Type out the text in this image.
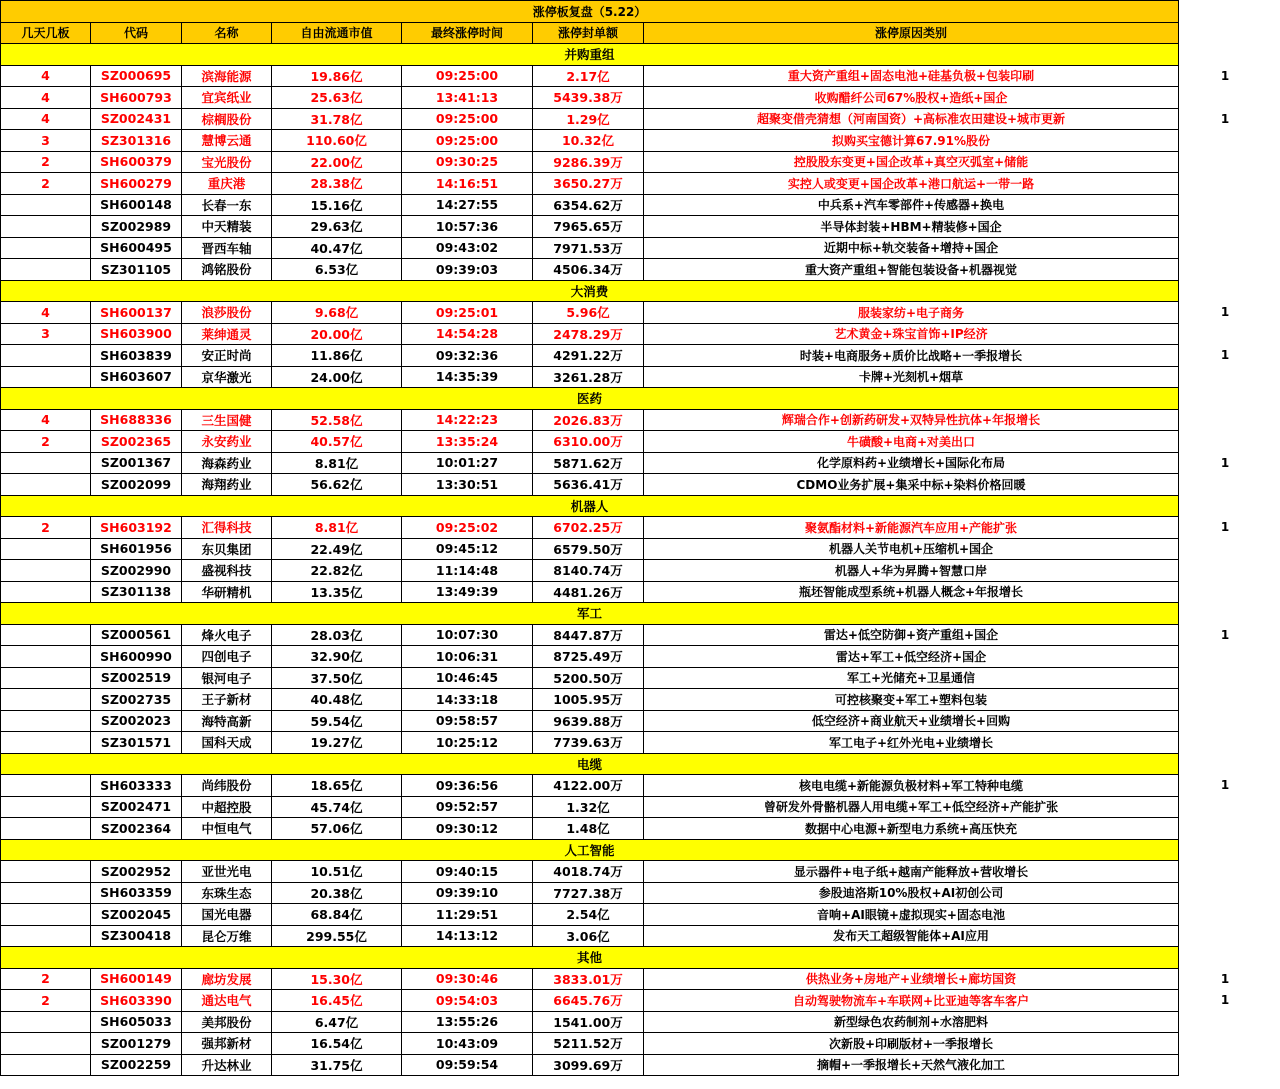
涨停板复盘（5.22）						
几天几板	代码	名称	自由流通市值	最终涨停时间	涨停封单额	涨停原因类别
并购重组						
4	SZ000695	滨海能源	19.86亿	09:25:00	2.17亿	重大资产重组+固态电池+硅基负极+包装印刷
4	SH600793	宜宾纸业	25.63亿	13:41:13	5439.38万	收购醋纤公司67%股权+造纸+国企
4	SZ002431	棕榈股份	31.78亿	09:25:00	1.29亿	超聚变借壳猜想（河南国资）+高标准农田建设+城市更新
3	SZ301316	慧博云通	110.60亿	09:25:00	10.32亿	拟购买宝德计算67.91%股份
2	SH600379	宝光股份	22.00亿	09:30:25	9286.39万	控股股东变更+国企改革+真空灭弧室+储能
2	SH600279	重庆港	28.38亿	14:16:51	3650.27万	实控人或变更+国企改革+港口航运+一带一路
	SH600148	长春一东	15.16亿	14:27:55	6354.62万	中兵系+汽车零部件+传感器+换电
	SZ002989	中天精装	29.63亿	10:57:36	7965.65万	半导体封装+HBM+精装修+国企
	SH600495	晋西车轴	40.47亿	09:43:02	7971.53万	近期中标+轨交装备+增持+国企
	SZ301105	鸿铭股份	6.53亿	09:39:03	4506.34万	重大资产重组+智能包装设备+机器视觉
大消费						
4	SH600137	浪莎股份	9.68亿	09:25:01	5.96亿	服装家纺+电子商务
3	SH603900	莱绅通灵	20.00亿	14:54:28	2478.29万	艺术黄金+珠宝首饰+IP经济
	SH603839	安正时尚	11.86亿	09:32:36	4291.22万	时装+电商服务+质价比战略+一季报增长
	SH603607	京华激光	24.00亿	14:35:39	3261.28万	卡牌+光刻机+烟草
医药						
4	SH688336	三生国健	52.58亿	14:22:23	2026.83万	辉瑞合作+创新药研发+双特异性抗体+年报增长
2	SZ002365	永安药业	40.57亿	13:35:24	6310.00万	牛磺酸+电商+对美出口
	SZ001367	海森药业	8.81亿	10:01:27	5871.62万	化学原料药+业绩增长+国际化布局
	SZ002099	海翔药业	56.62亿	13:30:51	5636.41万	CDMO业务扩展+集采中标+染料价格回暖
机器人						
2	SH603192	汇得科技	8.81亿	09:25:02	6702.25万	聚氨酯材料+新能源汽车应用+产能扩张
	SH601956	东贝集团	22.49亿	09:45:12	6579.50万	机器人关节电机+压缩机+国企
	SZ002990	盛视科技	22.82亿	11:14:48	8140.74万	机器人+华为昇腾+智慧口岸
	SZ301138	华研精机	13.35亿	13:49:39	4481.26万	瓶坯智能成型系统+机器人概念+年报增长
军工						
	SZ000561	烽火电子	28.03亿	10:07:30	8447.87万	雷达+低空防御+资产重组+国企
	SH600990	四创电子	32.90亿	10:06:31	8725.49万	雷达+军工+低空经济+国企
	SZ002519	银河电子	37.50亿	10:46:45	5200.50万	军工+光储充+卫星通信
	SZ002735	王子新材	40.48亿	14:33:18	1005.95万	可控核聚变+军工+塑料包装
	SZ002023	海特高新	59.54亿	09:58:57	9639.88万	低空经济+商业航天+业绩增长+回购
	SZ301571	国科天成	19.27亿	10:25:12	7739.63万	军工电子+红外光电+业绩增长
电缆						
	SH603333	尚纬股份	18.65亿	09:36:56	4122.00万	核电电缆+新能源负极材料+军工特种电缆
	SZ002471	中超控股	45.74亿	09:52:57	1.32亿	曾研发外骨骼机器人用电缆+军工+低空经济+产能扩张
	SZ002364	中恒电气	57.06亿	09:30:12	1.48亿	数据中心电源+新型电力系统+高压快充
人工智能						
	SZ002952	亚世光电	10.51亿	09:40:15	4018.74万	显示器件+电子纸+越南产能释放+营收增长
	SH603359	东珠生态	20.38亿	09:39:10	7727.38万	参股迪洛斯10%股权+AI初创公司
	SZ002045	国光电器	68.84亿	11:29:51	2.54亿	音响+AI眼镜+虚拟现实+固态电池
	SZ300418	昆仑万维	299.55亿	14:13:12	3.06亿	发布天工超级智能体+AI应用
其他						
2	SH600149	廊坊发展	15.30亿	09:30:46	3833.01万	供热业务+房地产+业绩增长+廊坊国资
2	SH603390	通达电气	16.45亿	09:54:03	6645.76万	自动驾驶物流车+车联网+比亚迪等客车客户
	SH605033	美邦股份	6.47亿	13:55:26	1541.00万	新型绿色农药制剂+水溶肥料
	SZ001279	强邦新材	16.54亿	10:43:09	5211.52万	次新股+印刷版材+一季报增长
	SZ002259	升达林业	31.75亿	09:59:54	3099.69万	摘帽+一季报增长+天然气液化加工
1
1
1
1
1
1
1
1
1
1
